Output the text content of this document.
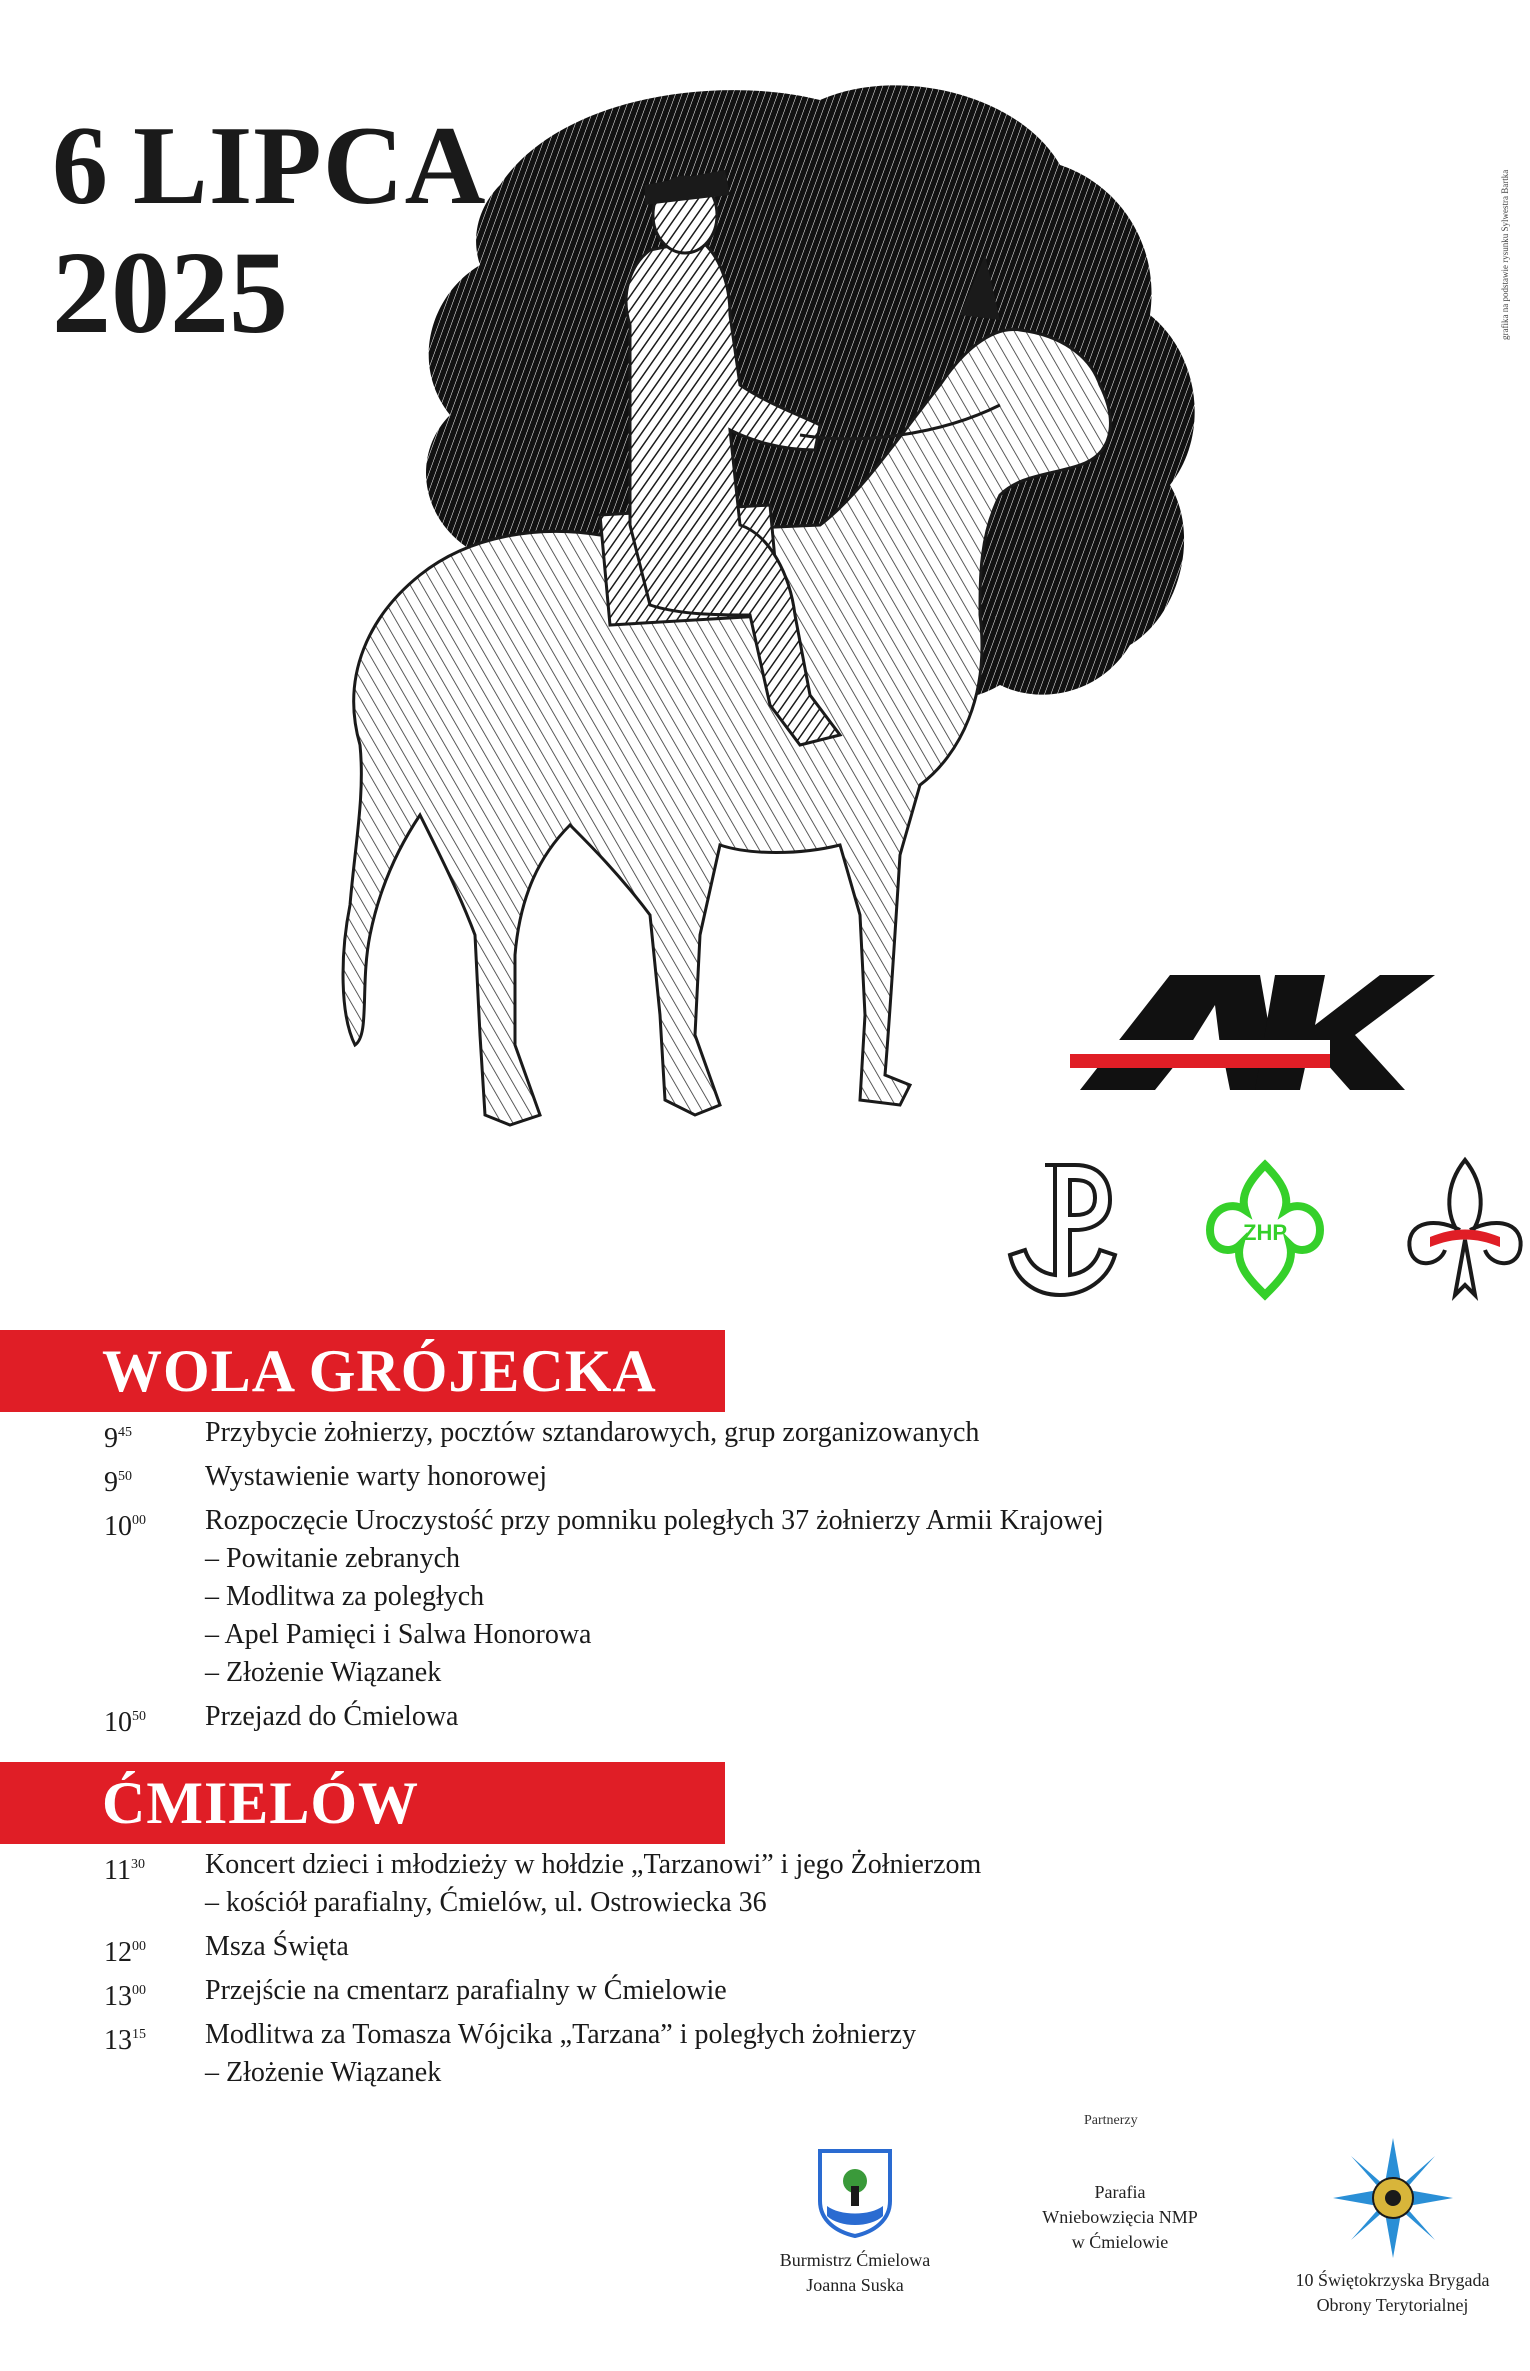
6 LIPCA
2025	grafika na podstawie rysunku Sylwestra Bartka
ZHP
WOLA GRÓJECKA
$9^{45}$	Przybycie żołnierzy, pocztów sztandarowych, grup zorganizowanych
$9^{50}$	Wystawienie warty honorowej
$10^{00}$ Rozpoczęcie Uroczystość przy pomniku poległych 37 żołnierzy Armii Krajowej
– Powitanie zebranych
– Modlitwa za poległych
– Apel Pamięci i Salwa Honorowa
– Złożenie Wiązanek
$10^{50}$ Przejazd do Ćmielowa
ĆMIELÓW
$11^{30}$ Koncert dzieci i młodzieży w hołdzie „Tarzanowi” i jego Żołnierzom
– kościół parafialny, Ćmielów, ul. Ostrowiecka 36
$12^{00}$ Msza Święta
$13^{00}$ Przejście na cmentarz parafialny w Ćmielowie
$13^{15}$ Modlitwa za Tomasza Wójcika „Tarzana” i poległych żołnierzy
– Złożenie Wiązanek
Partnerzy
Burmistrz Ćmielowa
Joanna Suska
Parafia
Wniebowzięcia NMP
w Ćmielowie
10 Świętokrzyska Brygada
Obrony Terytorialnej
